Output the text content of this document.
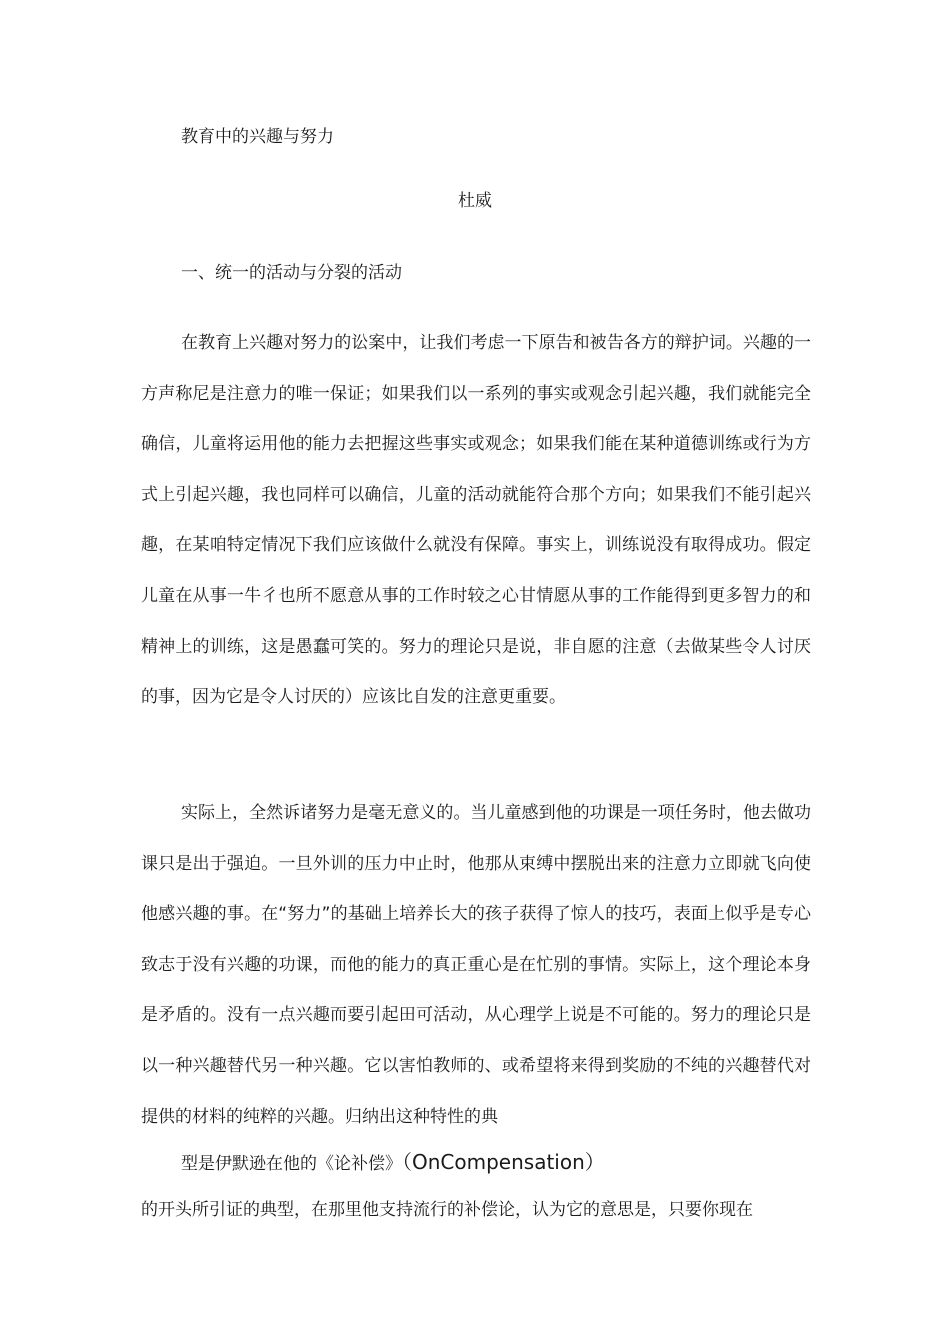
教育中的兴趣与努力
杜威
一、统一的活动与分裂的活动

在教育上兴趣对努力的讼案中，让我们考虑一下原告和被告各方的辩护词。兴趣的一方声称尼是注意力的唯一保证；如果我们以一系列的事实或观念引起兴趣，我们就能完全确信，儿童将运用他的能力去把握这些事实或观念；如果我们能在某种道德训练或行为方式上引起兴趣，我也同样可以确信，儿童的活动就能符合那个方向；如果我们不能引起兴趣，在某咱特定情况下我们应该做什么就没有保障。事实上，训练说没有取得成功。假定儿童在从事一牛彳也所不愿意从事的工作时较之心甘情愿从事的工作能得到更多智力的和精神上的训练，这是愚蠢可笑的。努力的理论只是说，非自愿的注意（去做某些令人讨厌的事，因为它是令人讨厌的）应该比自发的注意更重要。

实际上，全然诉诸努力是毫无意义的。当儿童感到他的功课是一项任务时，他去做功课只是出于强迫。一旦外训的压力中止时，他那从束缚中摆脱出来的注意力立即就飞向使他感兴趣的事。在“努力”的基础上培养长大的孩子获得了惊人的技巧，表面上似乎是专心致志于没有兴趣的功课，而他的能力的真正重心是在忙别的事情。实际上，这个理论本身是矛盾的。没有一点兴趣而要引起田可活动，从心理学上说是不可能的。努力的理论只是以一种兴趣替代另一种兴趣。它以害怕教师的、或希望将来得到奖励的不纯的兴趣替代对提供的材料的纯粹的兴趣。归纳出这种特性的典

型是伊默逊在他的《论补偿》（OnCompensation）

的开头所引证的典型，在那里他支持流行的补偿论，认为它的意思是，只要你现在
